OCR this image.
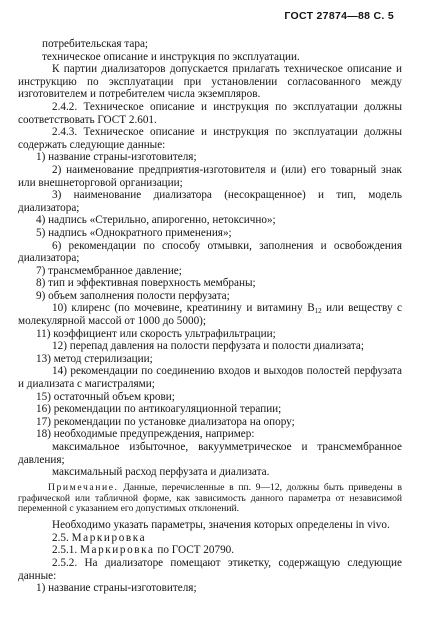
ГОСТ 27874—88 С. 5

потребительская тара;

техническое описание и инструкция по эксплуатации.

К партии диализаторов допускается прилагать техническое описание и инструкцию по эксплуатации при установлении согласованного между изготовителем и потребителем числа экземпляров.

2.4.2. Техническое описание и инструкция по эксплуатации должны соответствовать ГОСТ 2.601.

2.4.3. Техническое описание и инструкция по эксплуатации должны содержать следующие данные:

1) название страны-изготовителя;

2) наименование предприятия-изготовителя и (или) его товарный знак или внешнеторговой организации;

3) наименование диализатора (несокращенное) и тип, модель диализатора;

4) надпись «Стерильно, апирогенно, нетоксично»;

5) надпись «Однократного применения»;

6) рекомендации по способу отмывки, заполнения и освобождения диализатора;

7) трансмембранное давление;

8) тип и эффективная поверхность мембраны;

9) объем заполнения полости перфузата;

10) клиренс (по мочевине, креатинину и витамину $B_{12}$ или веществу с молекулярной массой от 1000 до 5000);

11) коэффициент или скорость ультрафильтрации;

12) перепад давления на полости перфузата и полости диализата;

13) метод стерилизации;

14) рекомендации по соединению входов и выходов полостей перфузата и диализата с магистралями;

15) остаточный объем крови;

16) рекомендации по антикоагуляционной терапии;

17) рекомендации по установке диализатора на опору;

18) необходимые предупреждения, например:

максимальное избыточное, вакуумметрическое и трансмембранное давления;

максимальный расход перфузата и диализата.

Примечание. Данные, перечисленные в пп. 9—12, должны быть приведены в графической или табличной форме, как зависимость данного параметра от независимой переменной с указанием его допустимых отклонений.

Необходимо указать параметры, значения которых определены in vivo.

2.5. Маркировка

2.5.1. Маркировка по ГОСТ 20790.

2.5.2. На диализаторе помещают этикетку, содержащую следующие данные:

1) название страны-изготовителя;
